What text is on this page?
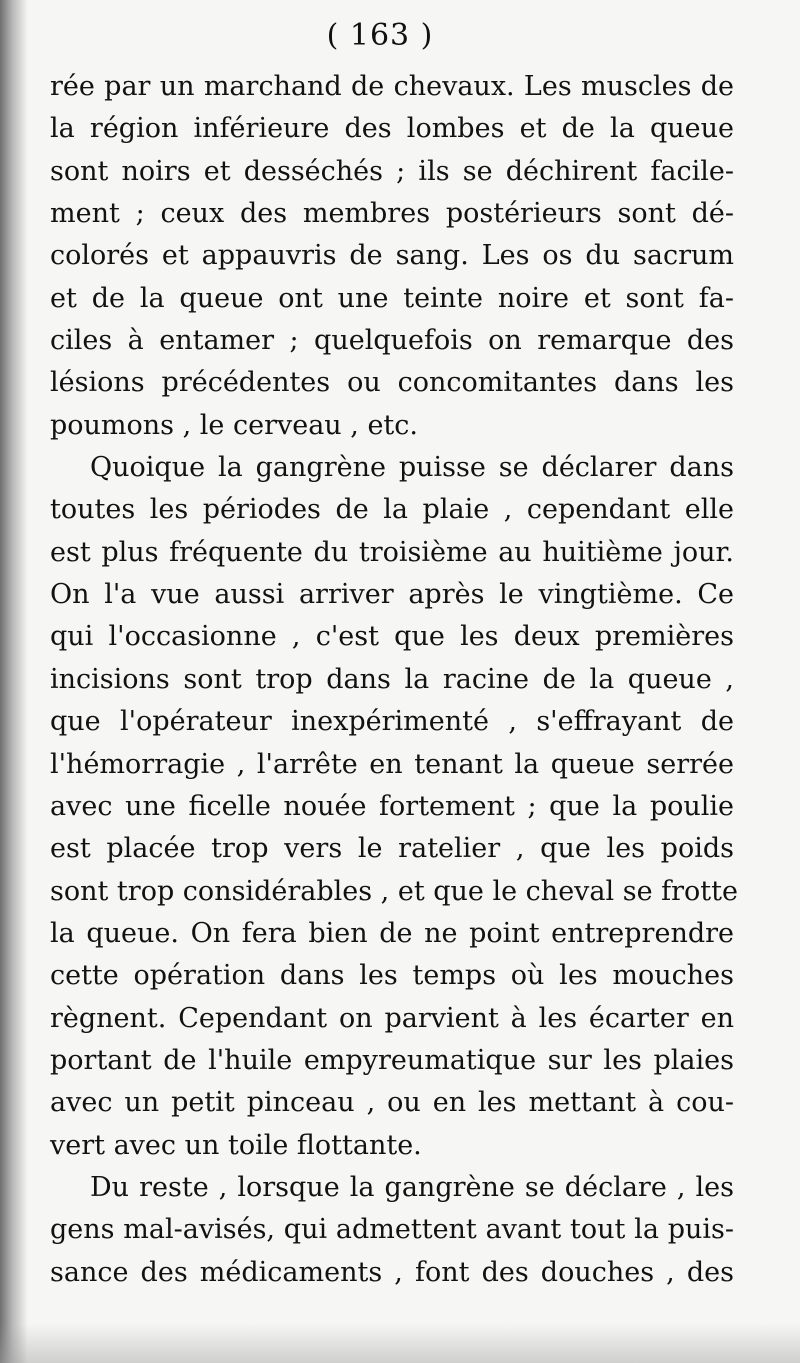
( 163 )
rée par un marchand de chevaux. Les muscles de
la région inférieure des lombes et de la queue
sont noirs et desséchés ; ils se déchirent facile-
ment ; ceux des membres postérieurs sont dé-
colorés et appauvris de sang. Les os du sacrum
et de la queue ont une teinte noire et sont fa-
ciles à entamer ; quelquefois on remarque des
lésions précédentes ou concomitantes dans les
poumons , le cerveau , etc.
Quoique la gangrène puisse se déclarer dans
toutes les périodes de la plaie , cependant elle
est plus fréquente du troisième au huitième jour.
On l'a vue aussi arriver après le vingtième. Ce
qui l'occasionne , c'est que les deux premières
incisions sont trop dans la racine de la queue ,
que l'opérateur inexpérimenté , s'effrayant de
l'hémorragie , l'arrête en tenant la queue serrée
avec une ficelle nouée fortement ; que la poulie
est placée trop vers le ratelier , que les poids
sont trop considérables , et que le cheval se frotte
la queue. On fera bien de ne point entreprendre
cette opération dans les temps où les mouches
règnent. Cependant on parvient à les écarter en
portant de l'huile empyreumatique sur les plaies
avec un petit pinceau , ou en les mettant à cou-
vert avec un toile flottante.
Du reste , lorsque la gangrène se déclare , les
gens mal-avisés, qui admettent avant tout la puis-
sance des médicaments , font des douches , des
